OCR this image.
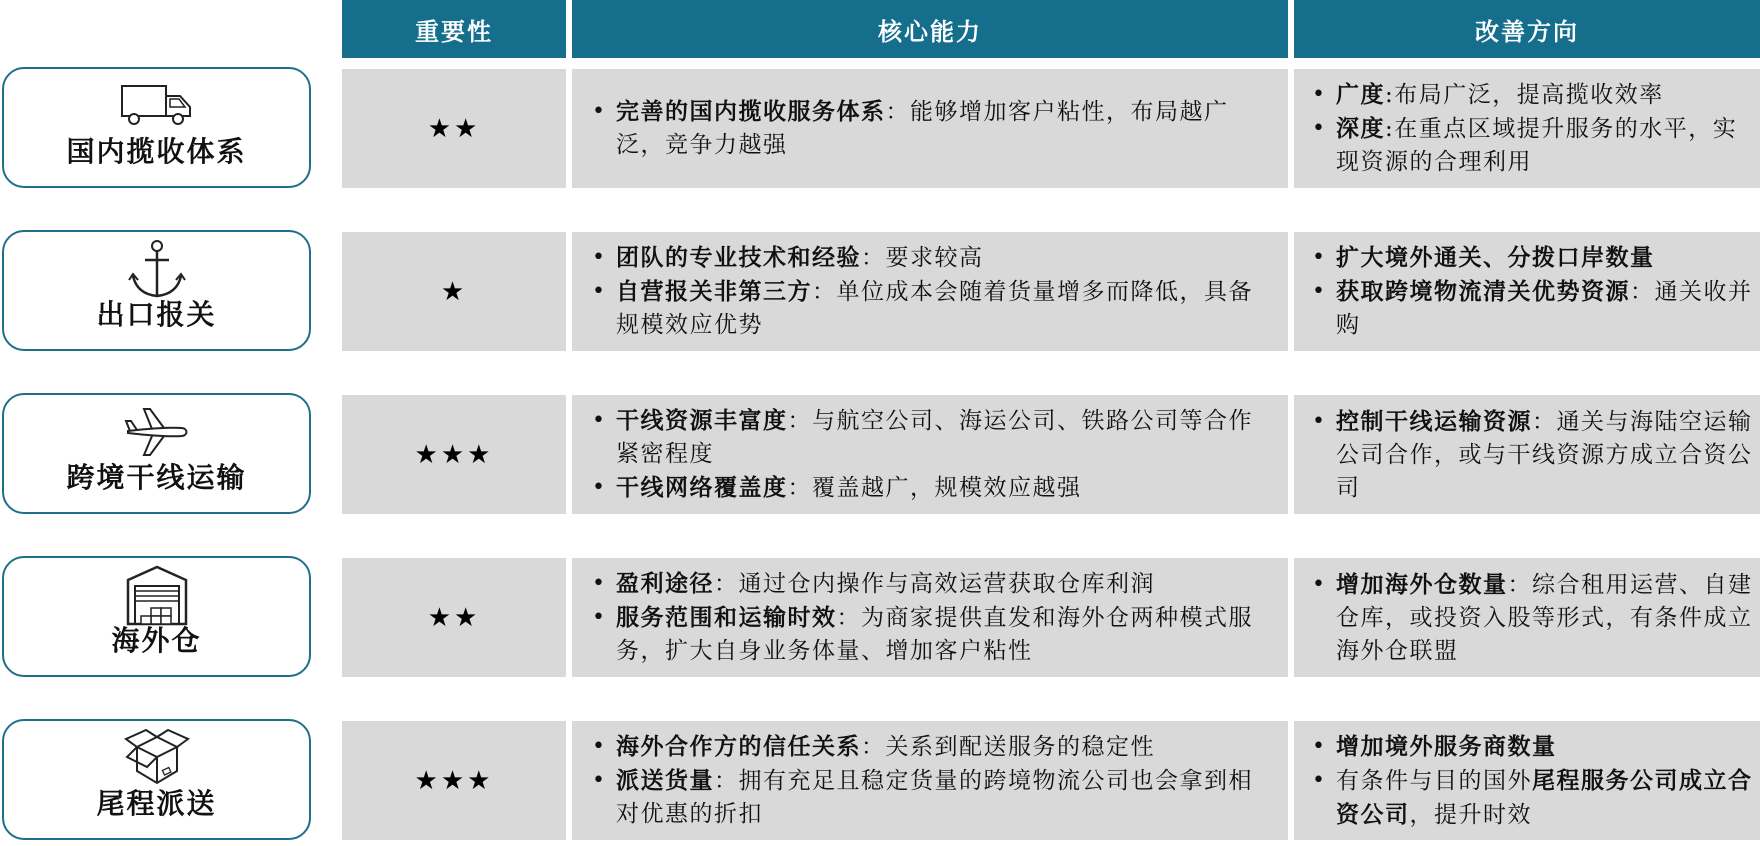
重要性	核心能力	改善方向
国内揽收体系
★★
• 完善的国内揽收服务体系：能够增加客户粘性，布局越广泛，竞争力越强
• 广度:布局广泛，提高揽收效率
• 深度:在重点区域提升服务的水平，实现资源的合理利用
出口报关
★
• 团队的专业技术和经验：要求较高
• 自营报关非第三方：单位成本会随着货量增多而降低，具备规模效应优势
• 扩大境外通关、分拨口岸数量
• 获取跨境物流清关优势资源：通关收并购
跨境干线运输
★★★
• 干线资源丰富度：与航空公司、海运公司、铁路公司等合作紧密程度
• 干线网络覆盖度：覆盖越广，规模效应越强
• 控制干线运输资源：通关与海陆空运输公司合作，或与干线资源方成立合资公司
海外仓
★★
• 盈利途径：通过仓内操作与高效运营获取仓库利润
• 服务范围和运输时效：为商家提供直发和海外仓两种模式服务，扩大自身业务体量、增加客户粘性
• 增加海外仓数量：综合租用运营、自建仓库，或投资入股等形式，有条件成立海外仓联盟
尾程派送
★★★
• 海外合作方的信任关系：关系到配送服务的稳定性
• 派送货量：拥有充足且稳定货量的跨境物流公司也会拿到相对优惠的折扣
• 增加境外服务商数量
• 有条件与目的国外尾程服务公司成立合资公司，提升时效
